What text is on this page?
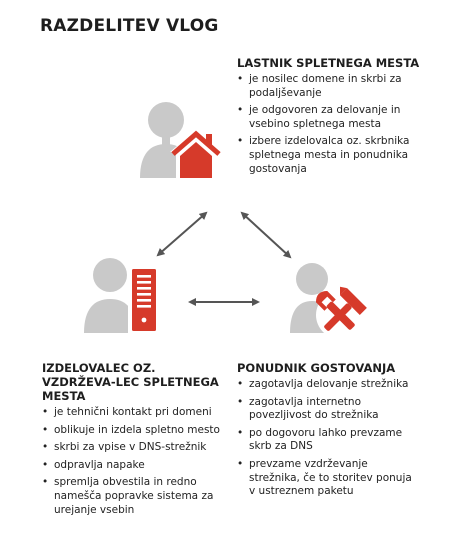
RAZDELITEV VLOG
LASTNIK SPLETNEGA MESTA
• je nosilec domene in skrbi za podaljševanje
• je odgovoren za delovanje in vsebino spletnega mesta
• izbere izdelovalca oz. skrbnika spletnega mesta in ponudnika gostovanja
IZDELOVALEC OZ. VZDRŽEVA-LEC SPLETNEGA MESTA
• je tehnični kontakt pri domeni
• oblikuje in izdela spletno mesto
• skrbi za vpise v DNS-strežnik
• odpravlja napake
• spremlja obvestila in redno namešča popravke sistema za urejanje vsebin
PONUDNIK GOSTOVANJA
• zagotavlja delovanje strežnika
• zagotavlja internetno povezljivost do strežnika
• po dogovoru lahko prevzame skrb za DNS
• prevzame vzdrževanje strežnika, če to storitev ponuja v ustreznem paketu
